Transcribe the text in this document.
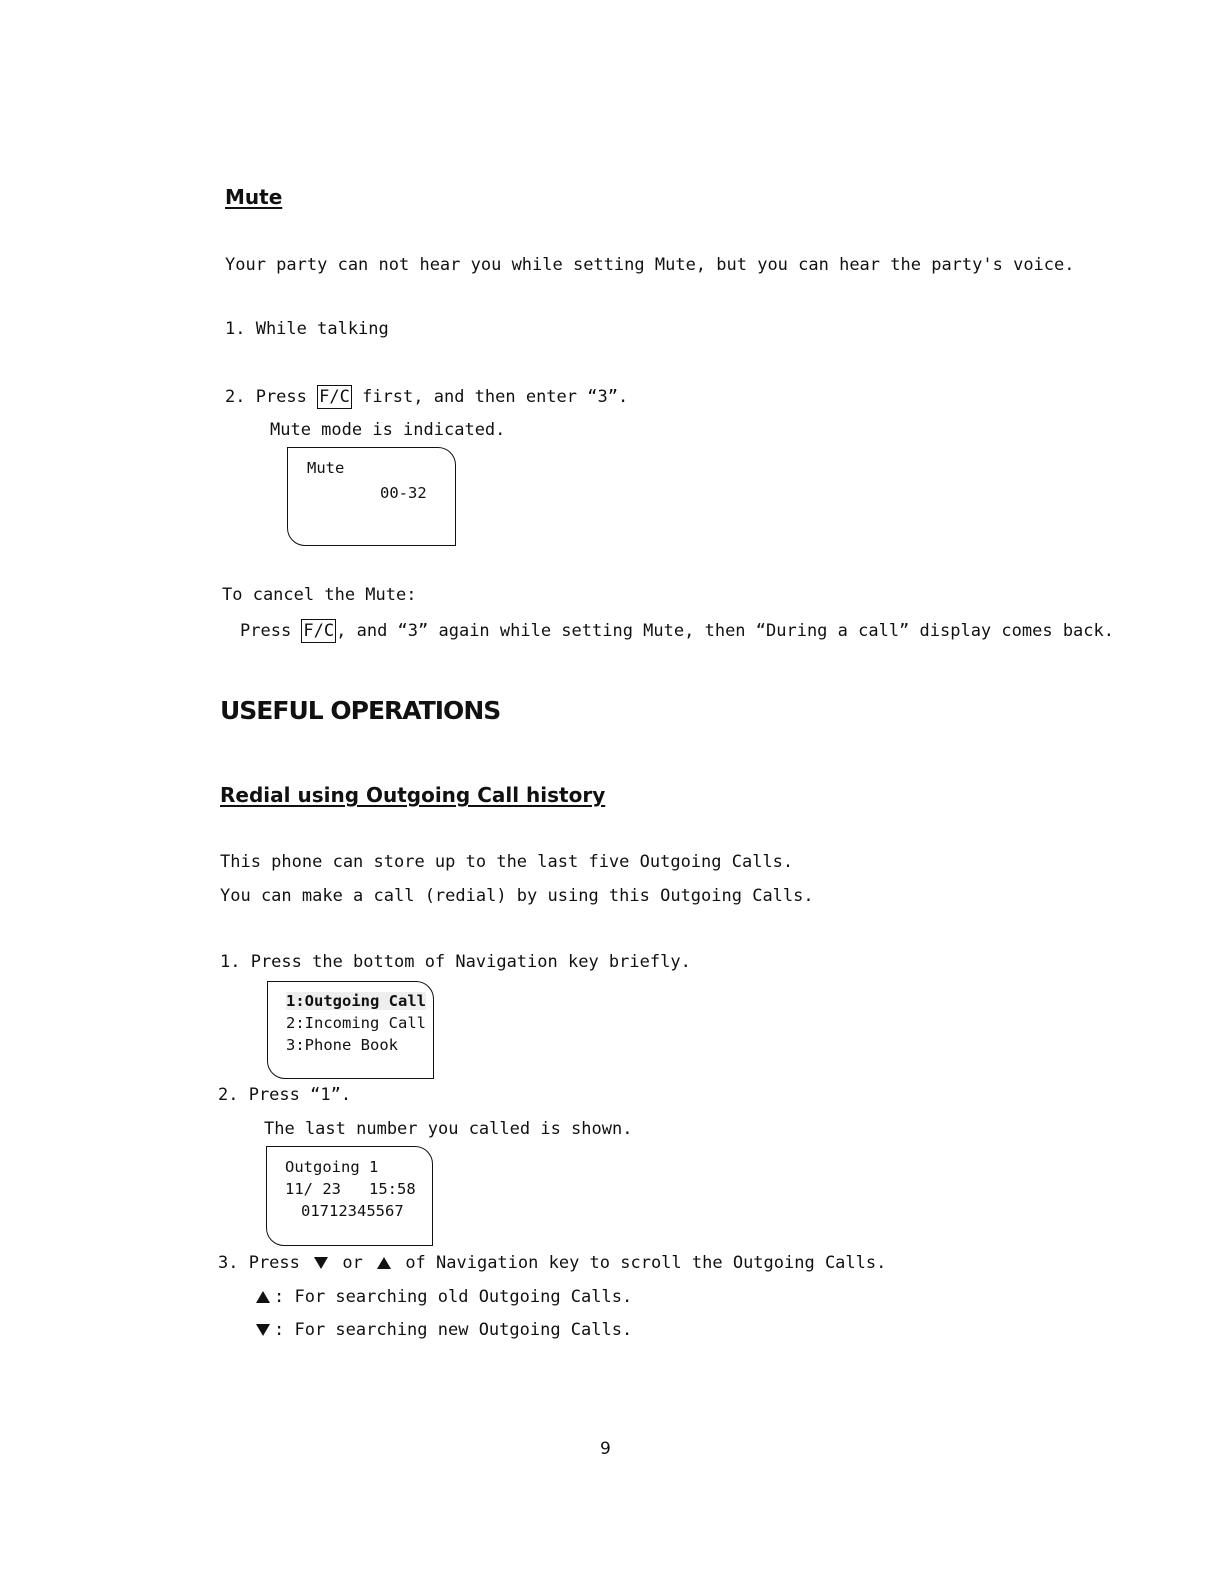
Mute
Your party can not hear you while setting Mute, but you can hear the party's voice.
1. While talking
2. Press F/C first, and then enter “3”.
Mute mode is indicated.
Mute
00-32
To cancel the Mute:
Press F/C , and “3” again while setting Mute, then “During a call” display comes back.
USEFUL OPERATIONS
Redial using Outgoing Call history
This phone can store up to the last five Outgoing Calls.
You can make a call (redial) by using this Outgoing Calls.
1. Press the bottom of Navigation key briefly.
1:Outgoing Call
2:Incoming Call
3:Phone Book
2. Press “1”.
The last number you called is shown.
Outgoing 1
11/ 23   15:58
01712345567
3. Press  or  of Navigation key to scroll the Outgoing Calls.
: For searching old Outgoing Calls.
: For searching new Outgoing Calls.
9
